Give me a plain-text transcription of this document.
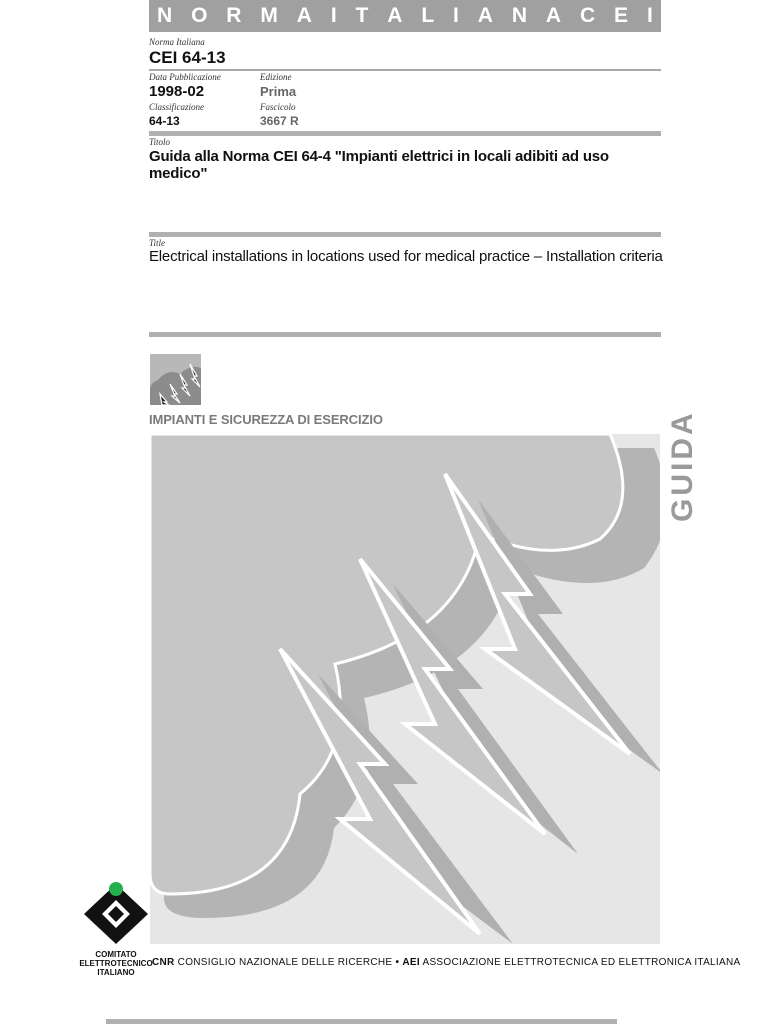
N O R M A I T A L I A N A C E I
Norma Italiana
CEI 64-13
Data Pubblicazione
1998-02
Edizione
Prima
Classificazione
64-13
Fascicolo
3667 R
Titolo
Guida alla Norma CEI 64-4 "Impianti elettrici in locali adibiti ad uso medico"
Title
Electrical installations in locations used for medical practice – Installation criteria
IMPIANTI E SICUREZZA DI ESERCIZIO	GUIDA
COMITATO
ELETTROTECNICO
ITALIANO
CNR CONSIGLIO NAZIONALE DELLE RICERCHE • AEI ASSOCIAZIONE ELETTROTECNICA ED ELETTRONICA ITALIANA
